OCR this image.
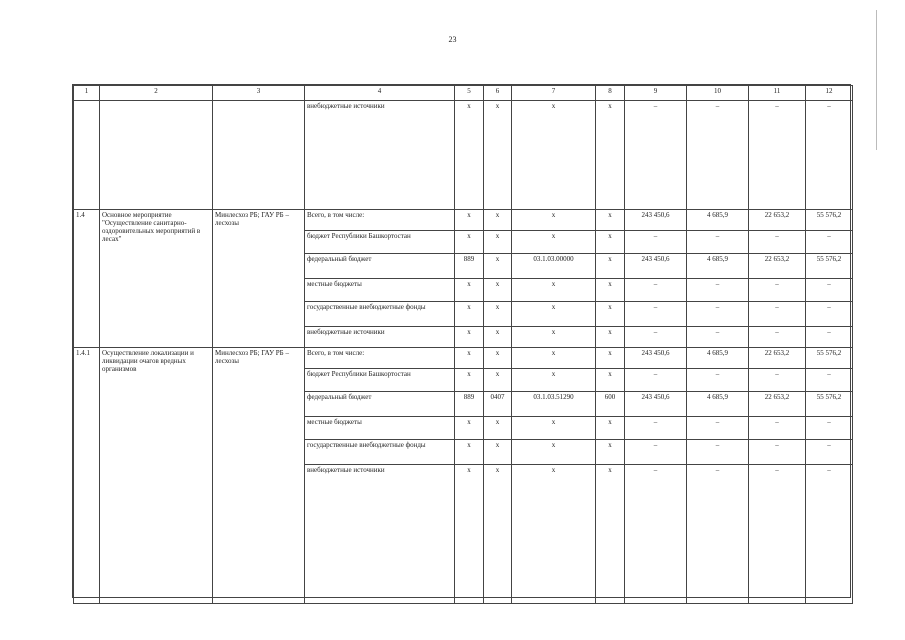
23
1	2	3	4	5	6	7	8	9	10	11	12
			внебюджетные источники	х	х	х	х	–	–	–	–
1.4	Основное мероприятие "Осуществление санитарно-оздоровительных мероприятий в лесах"	Минлесхоз РБ; ГАУ РБ – лесхозы	Всего, в том числе:	х	х	х	х	243 450,6	4 685,9	22 653,2	55 576,2
			бюджет Республики Башкортостан	х	х	х	х	–	–	–	–
			федеральный бюджет	889	х	03.1.03.00000	х	243 450,6	4 685,9	22 653,2	55 576,2
			местные бюджеты	х	х	х	х	–	–	–	–
			государственные внебюджетные фонды	х	х	х	х	–	–	–	–
			внебюджетные источники	х	х	х	х	–	–	–	–
1.4.1	Осуществление локализации и ликвидации очагов вредных организмов	Минлесхоз РБ; ГАУ РБ – лесхозы	Всего, в том числе:	х	х	х	х	243 450,6	4 685,9	22 653,2	55 576,2
			бюджет Республики Башкортостан	х	х	х	х	–	–	–	–
			федеральный бюджет	889	0407	03.1.03.51290	600	243 450,6	4 685,9	22 653,2	55 576,2
			местные бюджеты	х	х	х	х	–	–	–	–
			государственные внебюджетные фонды	х	х	х	х	–	–	–	–
			внебюджетные источники	х	х	х	х	–	–	–	–
